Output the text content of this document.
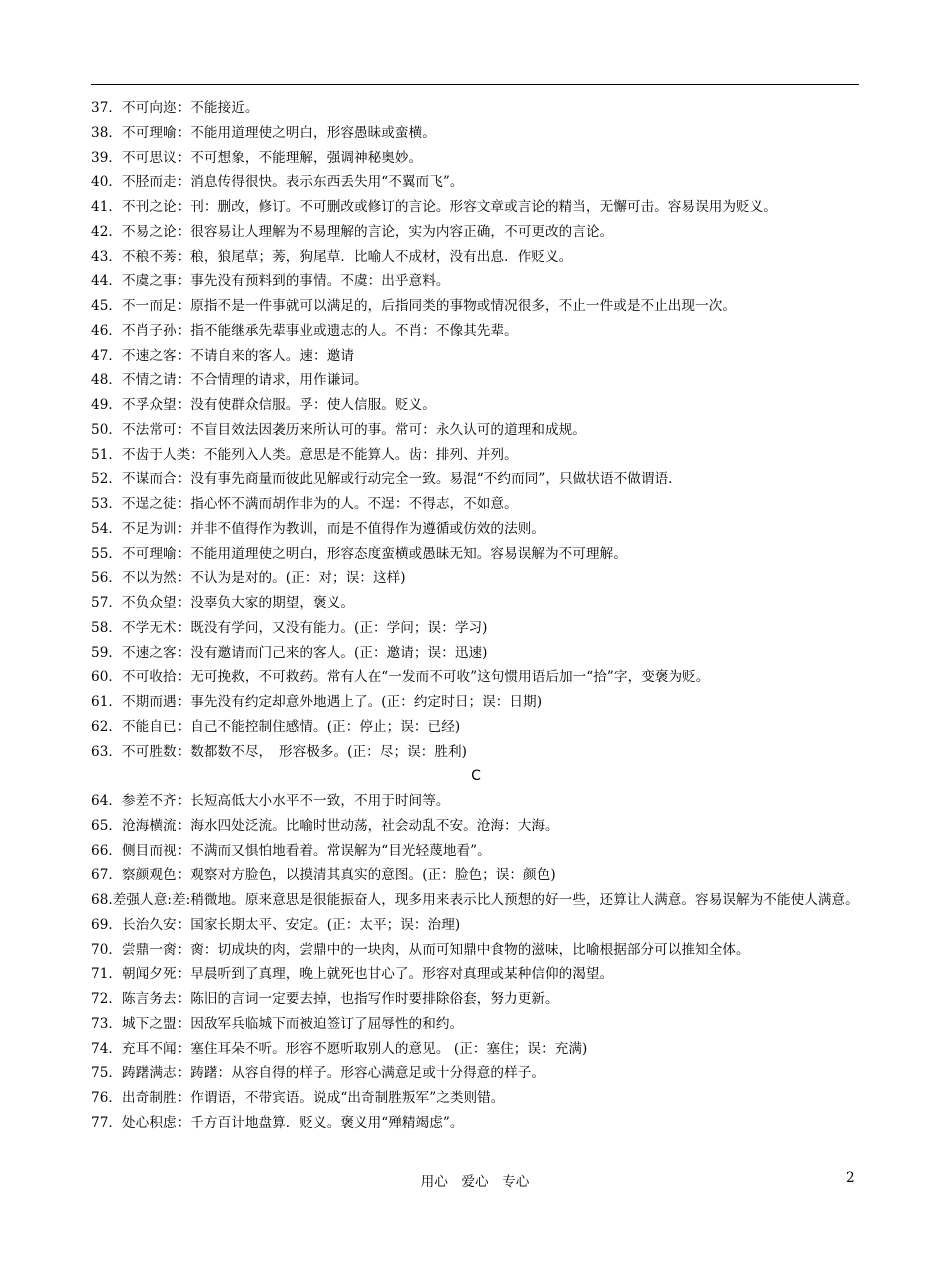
37．不可向迩：不能接近。
38．不可理喻：不能用道理使之明白，形容愚昧或蛮横。
39．不可思议：不可想象，不能理解，强调神秘奥妙。
40．不胫而走：消息传得很快。表示东西丢失用“不翼而飞”。
41．不刊之论：刊：删改，修订。不可删改或修订的言论。形容文章或言论的精当，无懈可击。容易误用为贬义。
42．不易之论：很容易让人理解为不易理解的言论，实为内容正确，不可更改的言论。
43．不稂不莠：稂，狼尾草；莠，狗尾草．比喻人不成材，没有出息．作贬义。
44．不虞之事：事先没有预料到的事情。不虞：出乎意料。
45．不一而足：原指不是一件事就可以满足的，后指同类的事物或情况很多，不止一件或是不止出现一次。
46．不肖子孙：指不能继承先辈事业或遗志的人。不肖：不像其先辈。
47．不速之客：不请自来的客人。速：邀请
48．不情之请：不合情理的请求，用作谦词。
49．不孚众望：没有使群众信服。孚：使人信服。贬义。
50．不法常可：不盲目效法因袭历来所认可的事。常可：永久认可的道理和成规。
51．不齿于人类：不能列入人类。意思是不能算人。齿：排列、并列。
52．不谋而合：没有事先商量而彼此见解或行动完全一致。易混“不约而同”，只做状语不做谓语.
53．不逞之徒：指心怀不满而胡作非为的人。不逞：不得志，不如意。
54．不足为训：并非不值得作为教训，而是不值得作为遵循或仿效的法则。
55．不可理喻：不能用道理使之明白，形容态度蛮横或愚昧无知。容易误解为不可理解。
56．不以为然：不认为是对的。(正：对；误：这样)
57．不负众望：没辜负大家的期望，褒义。
58．不学无术：既没有学问，又没有能力。(正：学问；误：学习)
59．不速之客：没有邀请而门己来的客人。(正：邀请；误：迅速)
60．不可收拾：无可挽救，不可救药。常有人在“一发而不可收”这句惯用语后加一“拾”字，变褒为贬。
61．不期而遇：事先没有约定却意外地遇上了。(正：约定时日；误：日期)
62．不能自已：自己不能控制住感情。(正：停止；误：已经)
63．不可胜数：数都数不尽，　形容极多。(正：尽；误：胜利)
C
64．参差不齐：长短高低大小水平不一致，不用于时间等。
65．沧海横流：海水四处泛流。比喻时世动荡，社会动乱不安。沧海：大海。
66．侧目而视：不满而又惧怕地看着。常误解为“目光轻蔑地看”。
67．察颜观色：观察对方脸色，以摸清其真实的意图。(正：脸色；误：颜色)
68.差强人意:差:稍微地。原来意思是很能振奋人，现多用来表示比人预想的好一些，还算让人满意。容易误解为不能使人满意。
69．长治久安：国家长期太平、安定。(正：太平；误：治理)
70．尝鼎一脔：脔：切成块的肉，尝鼎中的一块肉，从而可知鼎中食物的滋味，比喻根据部分可以推知全体。
71．朝闻夕死：早晨听到了真理，晚上就死也甘心了。形容对真理或某种信仰的渴望。
72．陈言务去：陈旧的言词一定要去掉，也指写作时要排除俗套，努力更新。
73．城下之盟：因敌军兵临城下而被迫签订了屈辱性的和约。
74．充耳不闻：塞住耳朵不听。形容不愿听取别人的意见。 (正：塞住；误：充满)
75．踌躇满志：踌躇：从容自得的样子。形容心满意足或十分得意的样子。
76．出奇制胜：作谓语，不带宾语。说成“出奇制胜叛军”之类则错。
77．处心积虑：千方百计地盘算．贬义。褒义用“殚精竭虑”。
用心　爱心　专心	2
